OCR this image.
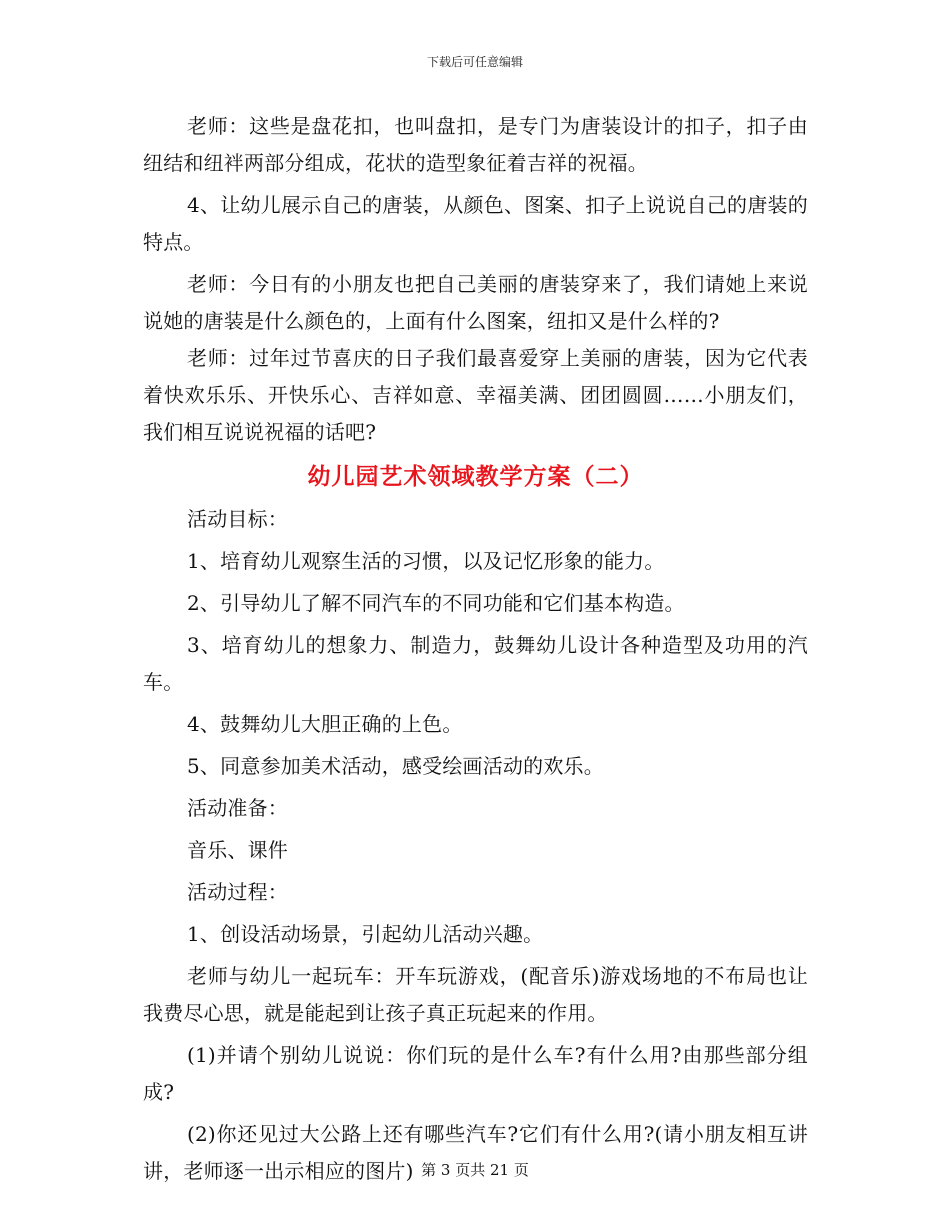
下载后可任意编辑

老师：这些是盘花扣，也叫盘扣，是专门为唐装设计的扣子，扣子由纽结和纽袢两部分组成，花状的造型象征着吉祥的祝福。

4、让幼儿展示自己的唐装，从颜色、图案、扣子上说说自己的唐装的特点。

老师：今日有的小朋友也把自己美丽的唐装穿来了，我们请她上来说说她的唐装是什么颜色的，上面有什么图案，纽扣又是什么样的?

老师：过年过节喜庆的日子我们最喜爱穿上美丽的唐装，因为它代表着快欢乐乐、开快乐心、吉祥如意、幸福美满、团团圆圆……小朋友们，我们相互说说祝福的话吧?

幼儿园艺术领域教学方案（二）

活动目标：

1、培育幼儿观察生活的习惯，以及记忆形象的能力。

2、引导幼儿了解不同汽车的不同功能和它们基本构造。

3、培育幼儿的想象力、制造力，鼓舞幼儿设计各种造型及功用的汽车。

4、鼓舞幼儿大胆正确的上色。

5、同意参加美术活动，感受绘画活动的欢乐。

活动准备：

音乐、课件

活动过程：

1、创设活动场景，引起幼儿活动兴趣。

老师与幼儿一起玩车：开车玩游戏，(配音乐)游戏场地的不布局也让我费尽心思，就是能起到让孩子真正玩起来的作用。

(1)并请个别幼儿说说：你们玩的是什么车?有什么用?由那些部分组成?

(2)你还见过大公路上还有哪些汽车?它们有什么用?(请小朋友相互讲讲，老师逐一出示相应的图片) 第 3 页共 21 页
